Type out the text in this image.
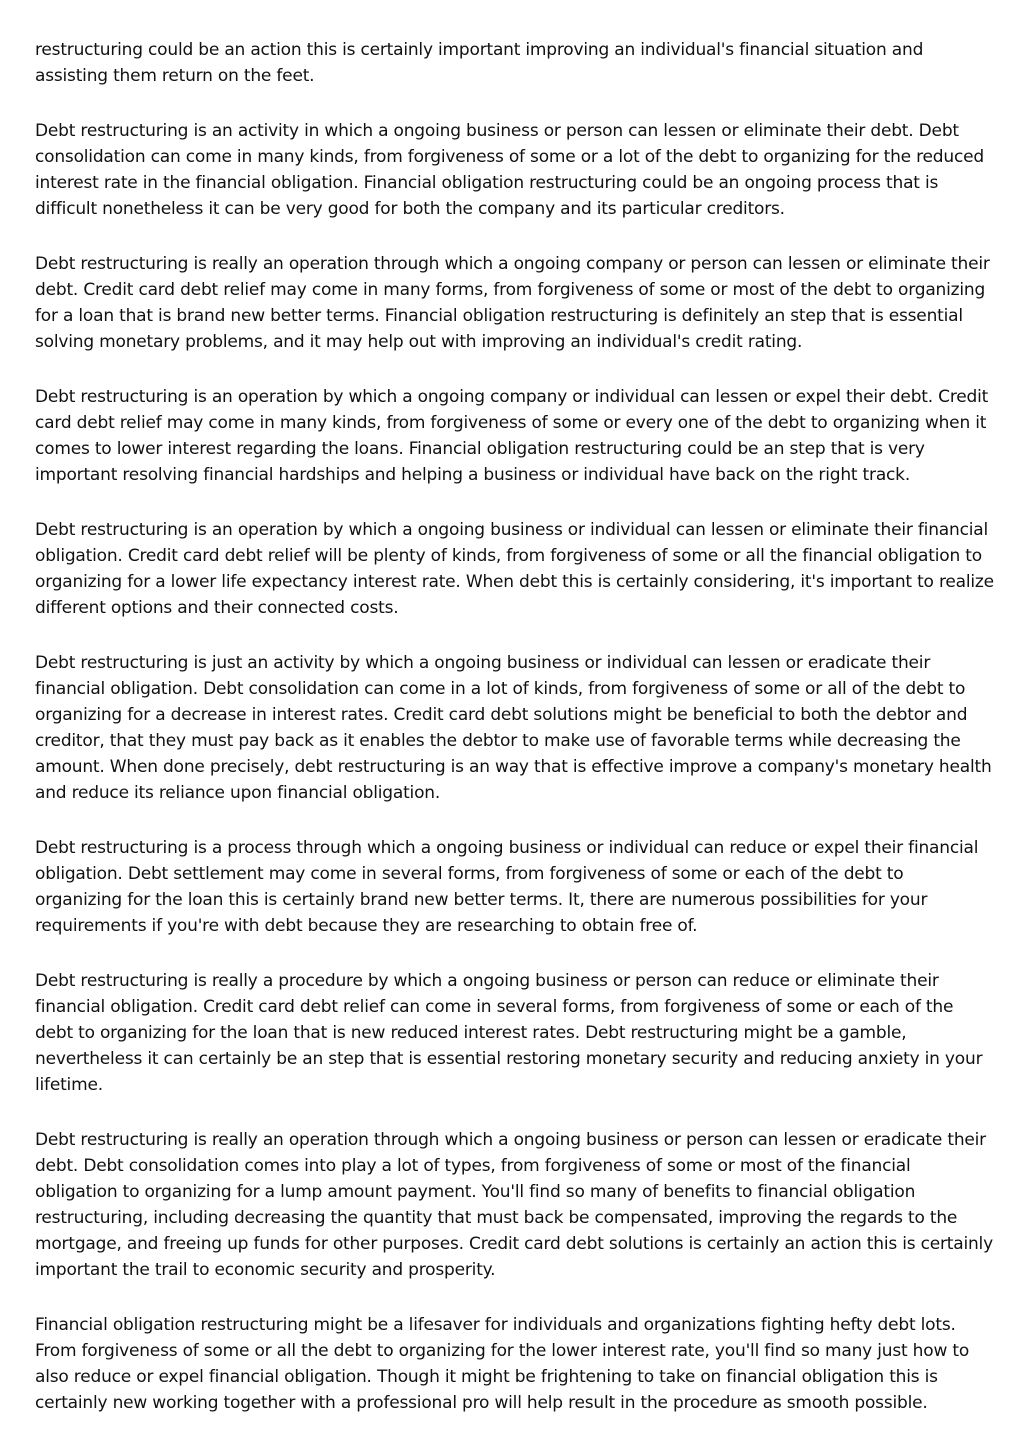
restructuring could be an action this is certainly important improving an individual's financial situation and assisting them return on the feet.

Debt restructuring is an activity in which a ongoing business or person can lessen or eliminate their debt. Debt consolidation can come in many kinds, from forgiveness of some or a lot of the debt to organizing for the reduced interest rate in the financial obligation. Financial obligation restructuring could be an ongoing process that is difficult nonetheless it can be very good for both the company and its particular creditors.

Debt restructuring is really an operation through which a ongoing company or person can lessen or eliminate their debt. Credit card debt relief may come in many forms, from forgiveness of some or most of the debt to organizing for a loan that is brand new better terms. Financial obligation restructuring is definitely an step that is essential solving monetary problems, and it may help out with improving an individual's credit rating.

Debt restructuring is an operation by which a ongoing company or individual can lessen or expel their debt. Credit card debt relief may come in many kinds, from forgiveness of some or every one of the debt to organizing when it comes to lower interest regarding the loans. Financial obligation restructuring could be an step that is very important resolving financial hardships and helping a business or individual have back on the right track.

Debt restructuring is an operation by which a ongoing business or individual can lessen or eliminate their financial obligation. Credit card debt relief will be plenty of kinds, from forgiveness of some or all the financial obligation to organizing for a lower life expectancy interest rate. When debt this is certainly considering, it's important to realize different options and their connected costs.

Debt restructuring is just an activity by which a ongoing business or individual can lessen or eradicate their financial obligation. Debt consolidation can come in a lot of kinds, from forgiveness of some or all of the debt to organizing for a decrease in interest rates. Credit card debt solutions might be beneficial to both the debtor and creditor, that they must pay back as it enables the debtor to make use of favorable terms while decreasing the amount. When done precisely, debt restructuring is an way that is effective improve a company's monetary health and reduce its reliance upon financial obligation.

Debt restructuring is a process through which a ongoing business or individual can reduce or expel their financial obligation. Debt settlement may come in several forms, from forgiveness of some or each of the debt to organizing for the loan this is certainly brand new better terms. It, there are numerous possibilities for your requirements if you're with debt because they are researching to obtain free of.

Debt restructuring is really a procedure by which a ongoing business or person can reduce or eliminate their financial obligation. Credit card debt relief can come in several forms, from forgiveness of some or each of the debt to organizing for the loan that is new reduced interest rates. Debt restructuring might be a gamble, nevertheless it can certainly be an step that is essential restoring monetary security and reducing anxiety in your lifetime.

Debt restructuring is really an operation through which a ongoing business or person can lessen or eradicate their debt. Debt consolidation comes into play a lot of types, from forgiveness of some or most of the financial obligation to organizing for a lump amount payment. You'll find so many of benefits to financial obligation restructuring, including decreasing the quantity that must back be compensated, improving the regards to the mortgage, and freeing up funds for other purposes. Credit card debt solutions is certainly an action this is certainly important the trail to economic security and prosperity.

Financial obligation restructuring might be a lifesaver for individuals and organizations fighting hefty debt lots. From forgiveness of some or all the debt to organizing for the lower interest rate, you'll find so many just how to also reduce or expel financial obligation. Though it might be frightening to take on financial obligation this is certainly new working together with a professional pro will help result in the procedure as smooth possible.
